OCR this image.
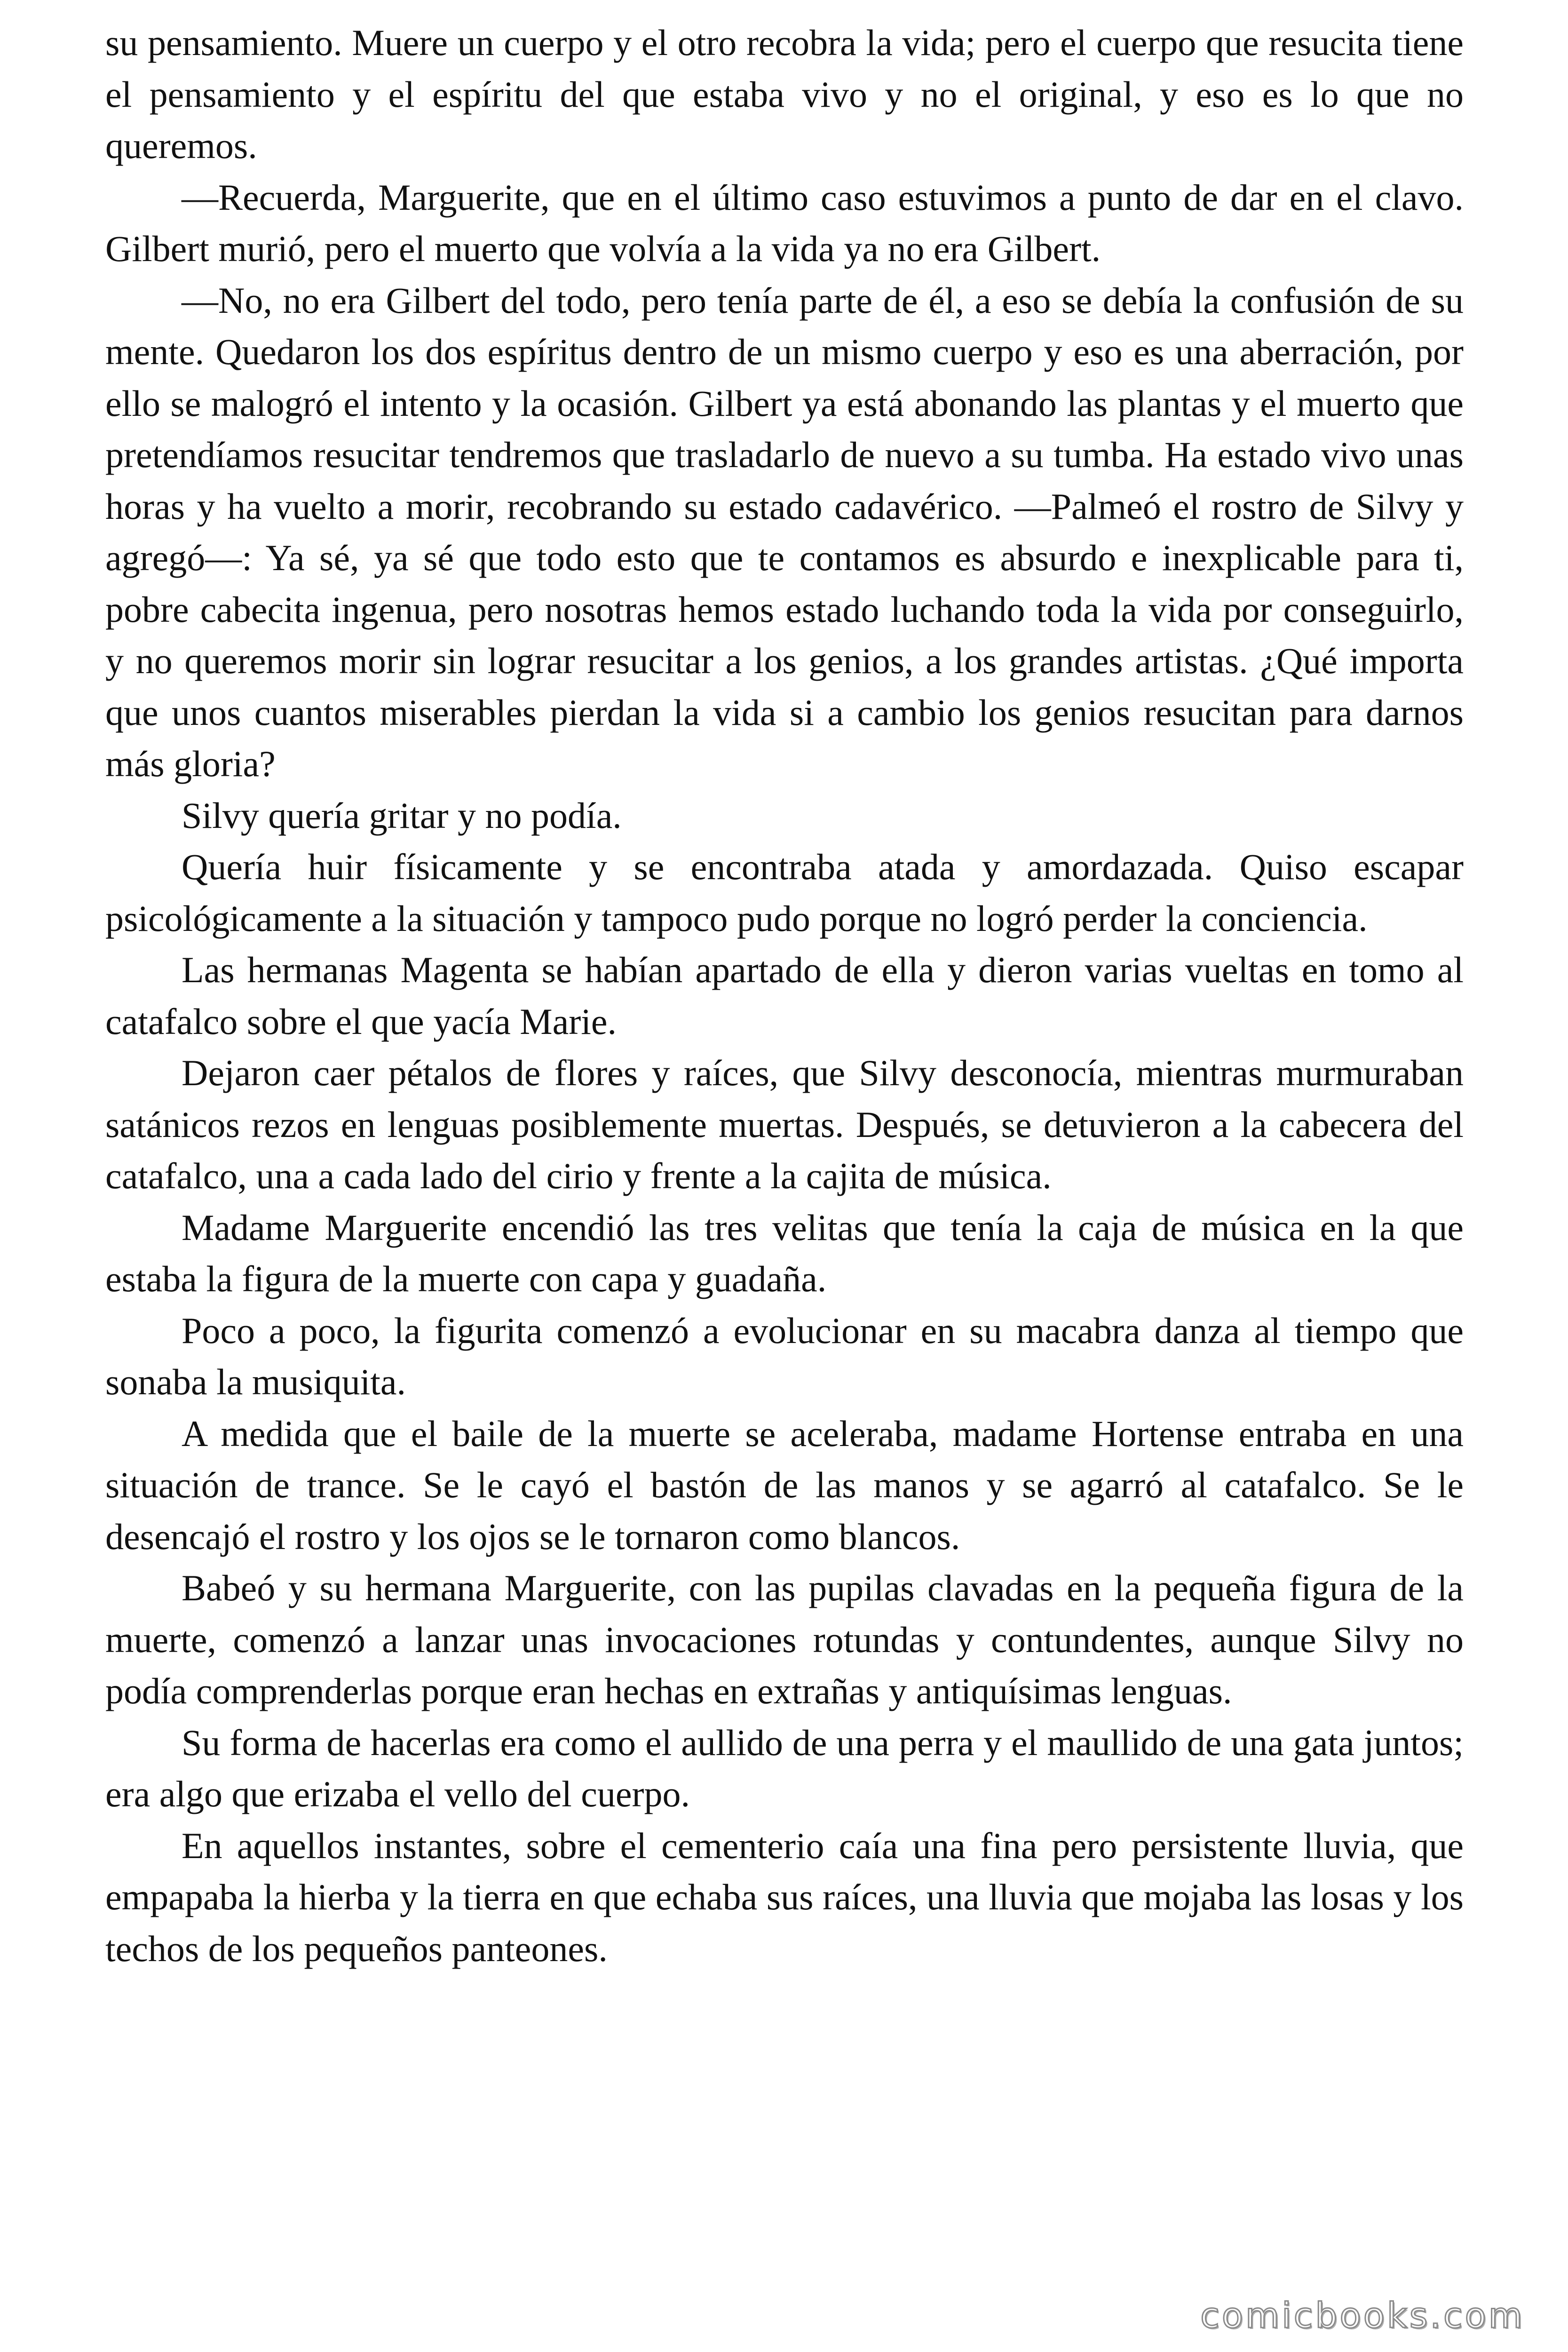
su pensamiento. Muere un cuerpo y el otro recobra la vida; pero el cuerpo que resucita tiene el pensamiento y el espíritu del que estaba vivo y no el original, y eso es lo que no queremos.

—Recuerda, Marguerite, que en el último caso estuvimos a punto de dar en el clavo. Gilbert murió, pero el muerto que volvía a la vida ya no era Gilbert.

—No, no era Gilbert del todo, pero tenía parte de él, a eso se debía la confusión de su mente. Quedaron los dos espíritus dentro de un mismo cuerpo y eso es una aberración, por ello se malogró el intento y la ocasión. Gilbert ya está abonando las plantas y el muerto que pretendíamos resucitar tendremos que trasladarlo de nuevo a su tumba. Ha estado vivo unas horas y ha vuelto a morir, recobrando su estado cadavérico. —Palmeó el rostro de Silvy y agregó—: Ya sé, ya sé que todo esto que te contamos es absurdo e inexplicable para ti, pobre cabecita ingenua, pero nosotras hemos estado luchando toda la vida por conseguirlo, y no queremos morir sin lograr resucitar a los genios, a los grandes artistas. ¿Qué importa que unos cuantos miserables pierdan la vida si a cambio los genios resucitan para darnos más gloria?

Silvy quería gritar y no podía.

Quería huir físicamente y se encontraba atada y amordazada. Quiso escapar psicológicamente a la situación y tampoco pudo porque no logró perder la conciencia.

Las hermanas Magenta se habían apartado de ella y dieron varias vueltas en tomo al catafalco sobre el que yacía Marie.

Dejaron caer pétalos de flores y raíces, que Silvy desconocía, mientras murmuraban satánicos rezos en lenguas posiblemente muertas. Después, se detuvieron a la cabecera del catafalco, una a cada lado del cirio y frente a la cajita de música.

Madame Marguerite encendió las tres velitas que tenía la caja de música en la que estaba la figura de la muerte con capa y guadaña.

Poco a poco, la figurita comenzó a evolucionar en su macabra danza al tiempo que sonaba la musiquita.

A medida que el baile de la muerte se aceleraba, madame Hortense entraba en una situación de trance. Se le cayó el bastón de las manos y se agarró al catafalco. Se le desencajó el rostro y los ojos se le tornaron como blancos.

Babeó y su hermana Marguerite, con las pupilas clavadas en la pequeña figura de la muerte, comenzó a lanzar unas invocaciones rotundas y contundentes, aunque Silvy no podía comprenderlas porque eran hechas en extrañas y antiquísimas lenguas.

Su forma de hacerlas era como el aullido de una perra y el maullido de una gata juntos; era algo que erizaba el vello del cuerpo.

En aquellos instantes, sobre el cementerio caía una fina pero persistente lluvia, que empapaba la hierba y la tierra en que echaba sus raíces, una lluvia que mojaba las losas y los techos de los pequeños panteones.

comicbooks.com
